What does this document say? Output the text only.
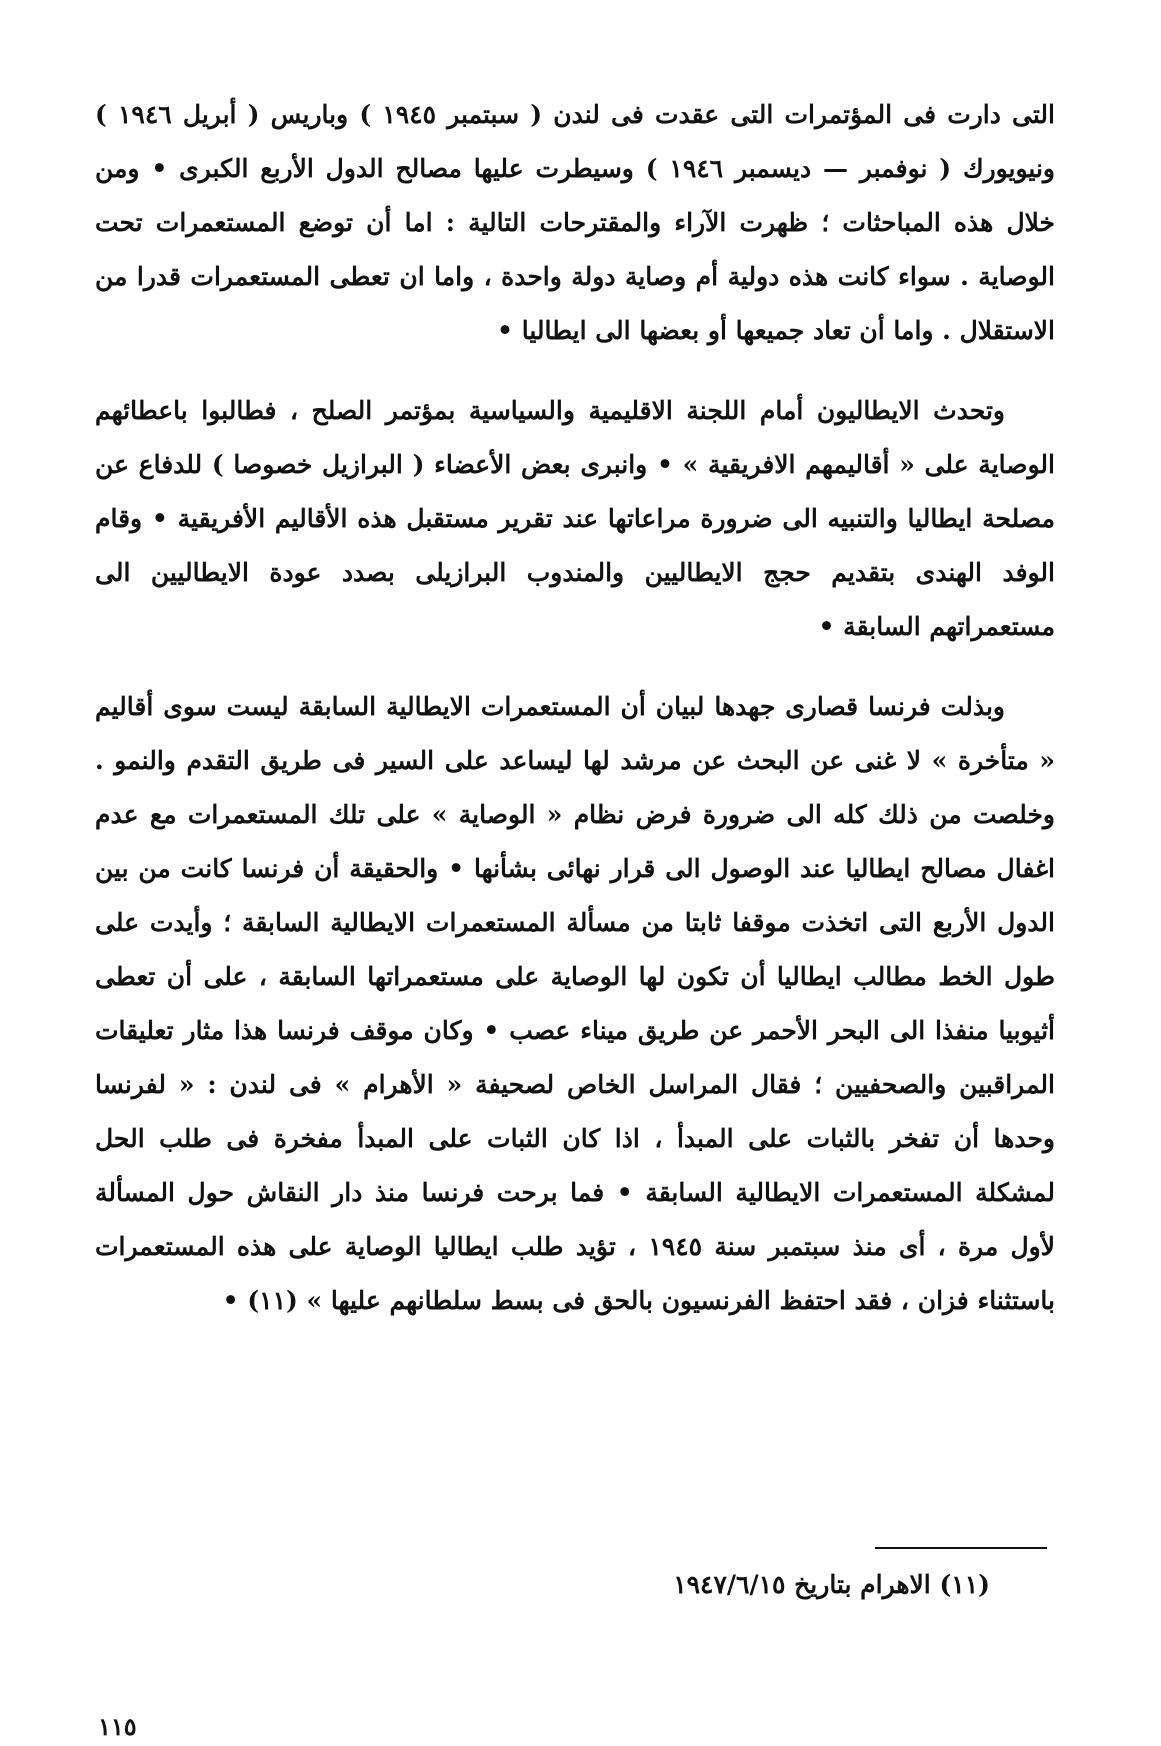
التى دارت فى المؤتمرات التى عقدت فى لندن ( سبتمبر ١٩٤٥ ) وباريس ( أبريل ١٩٤٦ ) ونيويورك ( نوفمبر — ديسمبر ١٩٤٦ ) وسيطرت عليها مصالح الدول الأربع الكبرى • ومن خلال هذه المباحثات ؛ ظهرت الآراء والمقترحات التالية : اما أن توضع المستعمرات تحت الوصاية . سواء كانت هذه دولية أم وصاية دولة واحدة ، واما ان تعطى المستعمرات قدرا من الاستقلال . واما أن تعاد جميعها أو بعضها الى ايطاليا •

وتحدث الايطاليون أمام اللجنة الاقليمية والسياسية بمؤتمر الصلح ، فطالبوا باعطائهم الوصاية على « أقاليمهم الافريقية » • وانبرى بعض الأعضاء ( البرازيل خصوصا ) للدفاع عن مصلحة ايطاليا والتنبيه الى ضرورة مراعاتها عند تقرير مستقبل هذه الأقاليم الأفريقية • وقام الوفد الهندى بتقديم حجج الايطاليين والمندوب البرازيلى بصدد عودة الايطاليين الى مستعمراتهم السابقة •

وبذلت فرنسا قصارى جهدها لبيان أن المستعمرات الايطالية السابقة ليست سوى أقاليم « متأخرة » لا غنى عن البحث عن مرشد لها ليساعد على السير فى طريق التقدم والنمو . وخلصت من ذلك كله الى ضرورة فرض نظام « الوصاية » على تلك المستعمرات مع عدم اغفال مصالح ايطاليا عند الوصول الى قرار نهائى بشأنها • والحقيقة أن فرنسا كانت من بين الدول الأربع التى اتخذت موقفا ثابتا من مسألة المستعمرات الايطالية السابقة ؛ وأيدت على طول الخط مطالب ايطاليا أن تكون لها الوصاية على مستعمراتها السابقة ، على أن تعطى أثيوبيا منفذا الى البحر الأحمر عن طريق ميناء عصب • وكان موقف فرنسا هذا مثار تعليقات المراقبين والصحفيين ؛ فقال المراسل الخاص لصحيفة « الأهرام » فى لندن : « لفرنسا وحدها أن تفخر بالثبات على المبدأ ، اذا كان الثبات على المبدأ مفخرة فى طلب الحل لمشكلة المستعمرات الايطالية السابقة • فما برحت فرنسا منذ دار النقاش حول المسألة لأول مرة ، أى منذ سبتمبر سنة ١٩٤٥ ، تؤيد طلب ايطاليا الوصاية على هذه المستعمرات باستثناء فزان ، فقد احتفظ الفرنسيون بالحق فى بسط سلطانهم عليها » (١١) •

(١١) الاهرام بتاريخ ١٩٤٧/٦/١٥
١١٥
